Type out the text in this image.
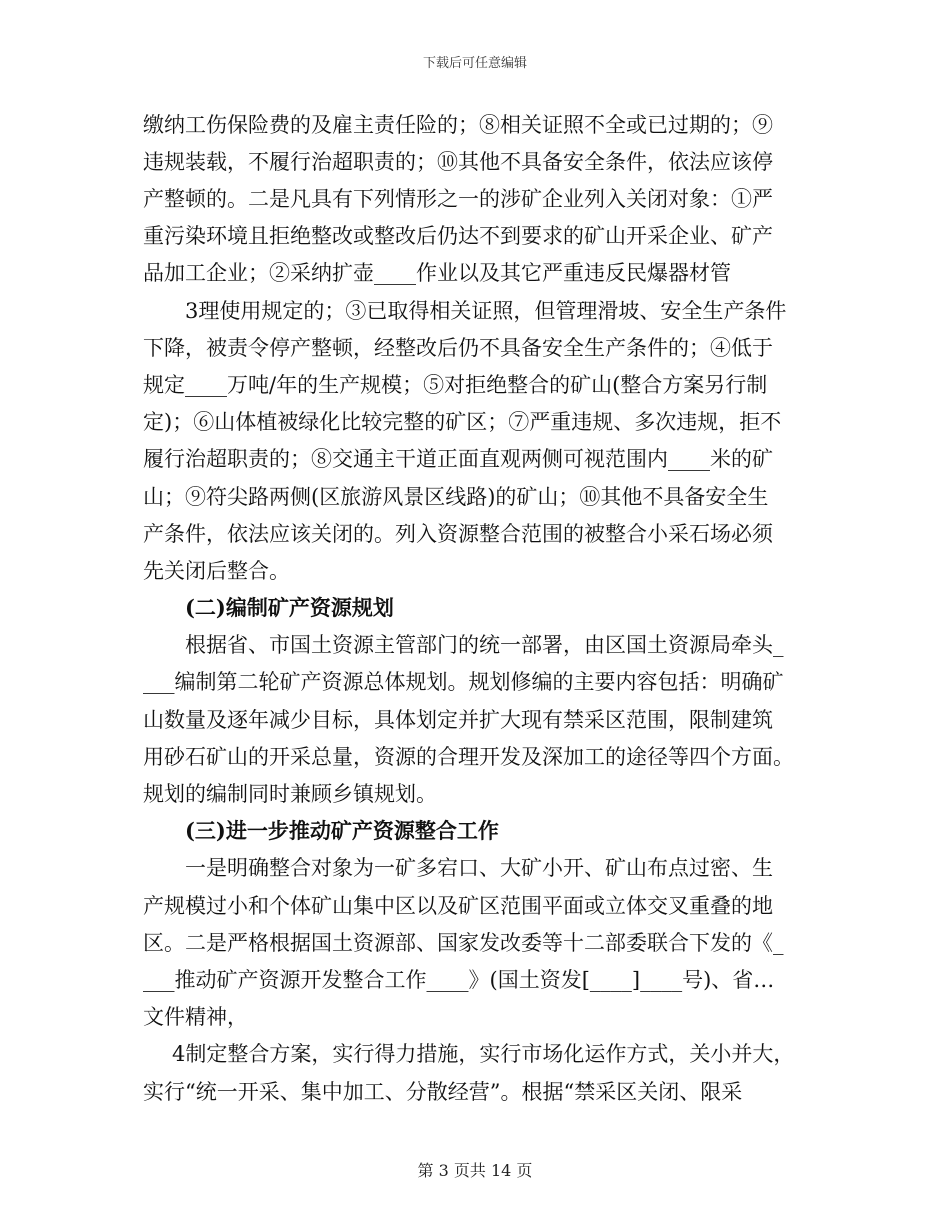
下载后可任意编辑
缴纳工伤保险费的及雇主责任险的；⑧相关证照不全或已过期的；⑨
违规装载，不履行治超职责的；⑩其他不具备安全条件，依法应该停
产整顿的。二是凡具有下列情形之一的涉矿企业列入关闭对象：①严
重污染环境且拒绝整改或整改后仍达不到要求的矿山开采企业、矿产
品加工企业；②采纳扩壶____作业以及其它严重违反民爆器材管
3理使用规定的；③已取得相关证照，但管理滑坡、安全生产条件
下降，被责令停产整顿，经整改后仍不具备安全生产条件的；④低于
规定____万吨/年的生产规模；⑤对拒绝整合的矿山(整合方案另行制
定)；⑥山体植被绿化比较完整的矿区；⑦严重违规、多次违规，拒不
履行治超职责的；⑧交通主干道正面直观两侧可视范围内____米的矿
山；⑨符尖路两侧(区旅游风景区线路)的矿山；⑩其他不具备安全生
产条件，依法应该关闭的。列入资源整合范围的被整合小采石场必须
先关闭后整合。
(二)编制矿产资源规划
根据省、市国土资源主管部门的统一部署，由区国土资源局牵头_
___编制第二轮矿产资源总体规划。规划修编的主要内容包括：明确矿
山数量及逐年减少目标，具体划定并扩大现有禁采区范围，限制建筑
用砂石矿山的开采总量，资源的合理开发及深加工的途径等四个方面。
规划的编制同时兼顾乡镇规划。
(三)进一步推动矿产资源整合工作
一是明确整合对象为一矿多宕口、大矿小开、矿山布点过密、生
产规模过小和个体矿山集中区以及矿区范围平面或立体交叉重叠的地
区。二是严格根据国土资源部、国家发改委等十二部委联合下发的《_
___推动矿产资源开发整合工作____》(国土资发[____]____号)、省…
文件精神，
4制定整合方案，实行得力措施，实行市场化运作方式，关小并大，
实行“统一开采、集中加工、分散经营”。根据“禁采区关闭、限采
第 3 页共 14 页
